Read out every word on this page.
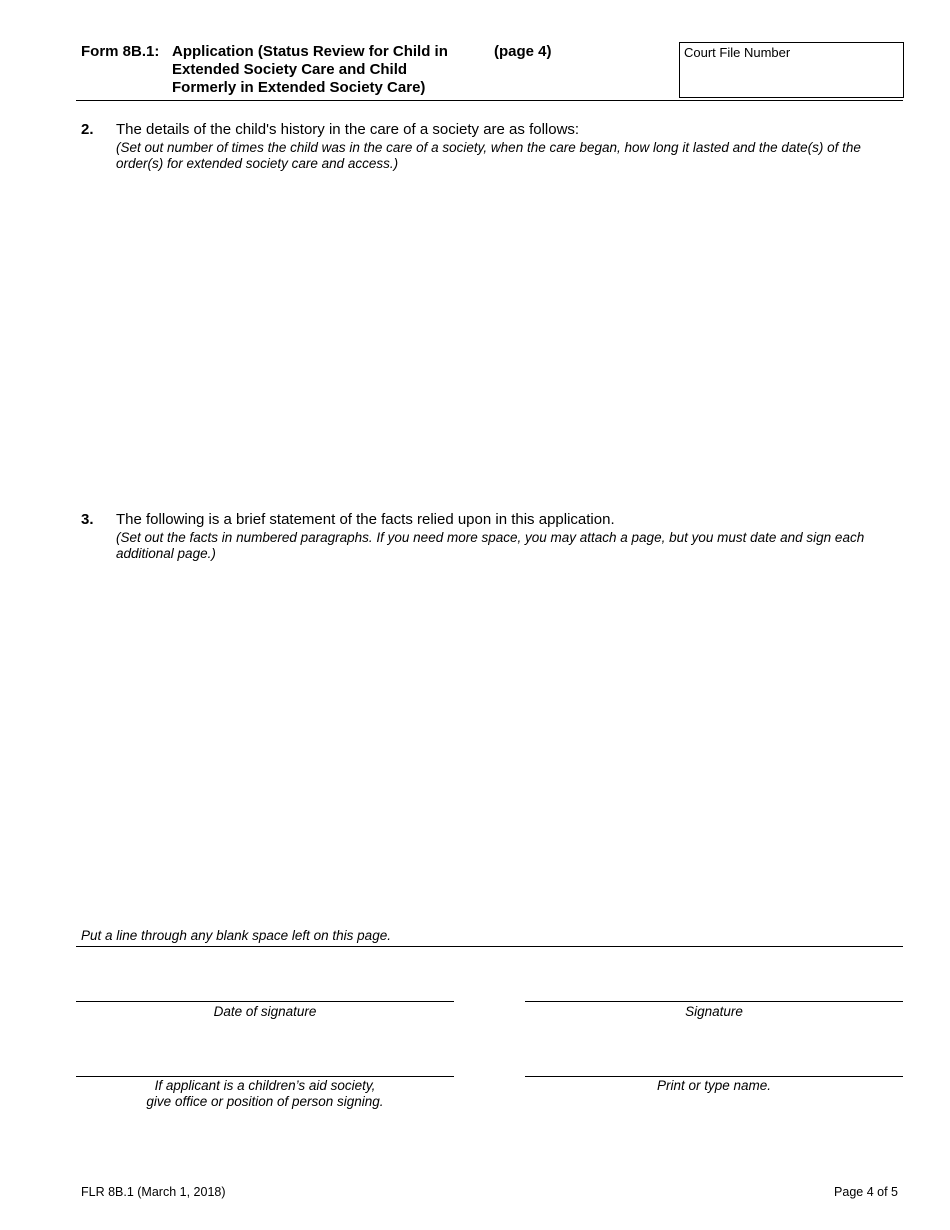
Form 8B.1: Application (Status Review for Child in
Extended Society Care and Child
Formerly in Extended Society Care)
(page 4)	Court File Number
2. The details of the child's history in the care of a society are as follows:
(Set out number of times the child was in the care of a society, when the care began, how long it lasted and the date(s) of the order(s) for extended society care and access.)
3. The following is a brief statement of the facts relied upon in this application.
(Set out the facts in numbered paragraphs. If you need more space, you may attach a page, but you must date and sign each additional page.)
Put a line through any blank space left on this page.
Date of signature	Signature
If applicant is a children’s aid society,
give office or position of person signing.
Print or type name.
FLR 8B.1 (March 1, 2018)	Page 4 of 5
